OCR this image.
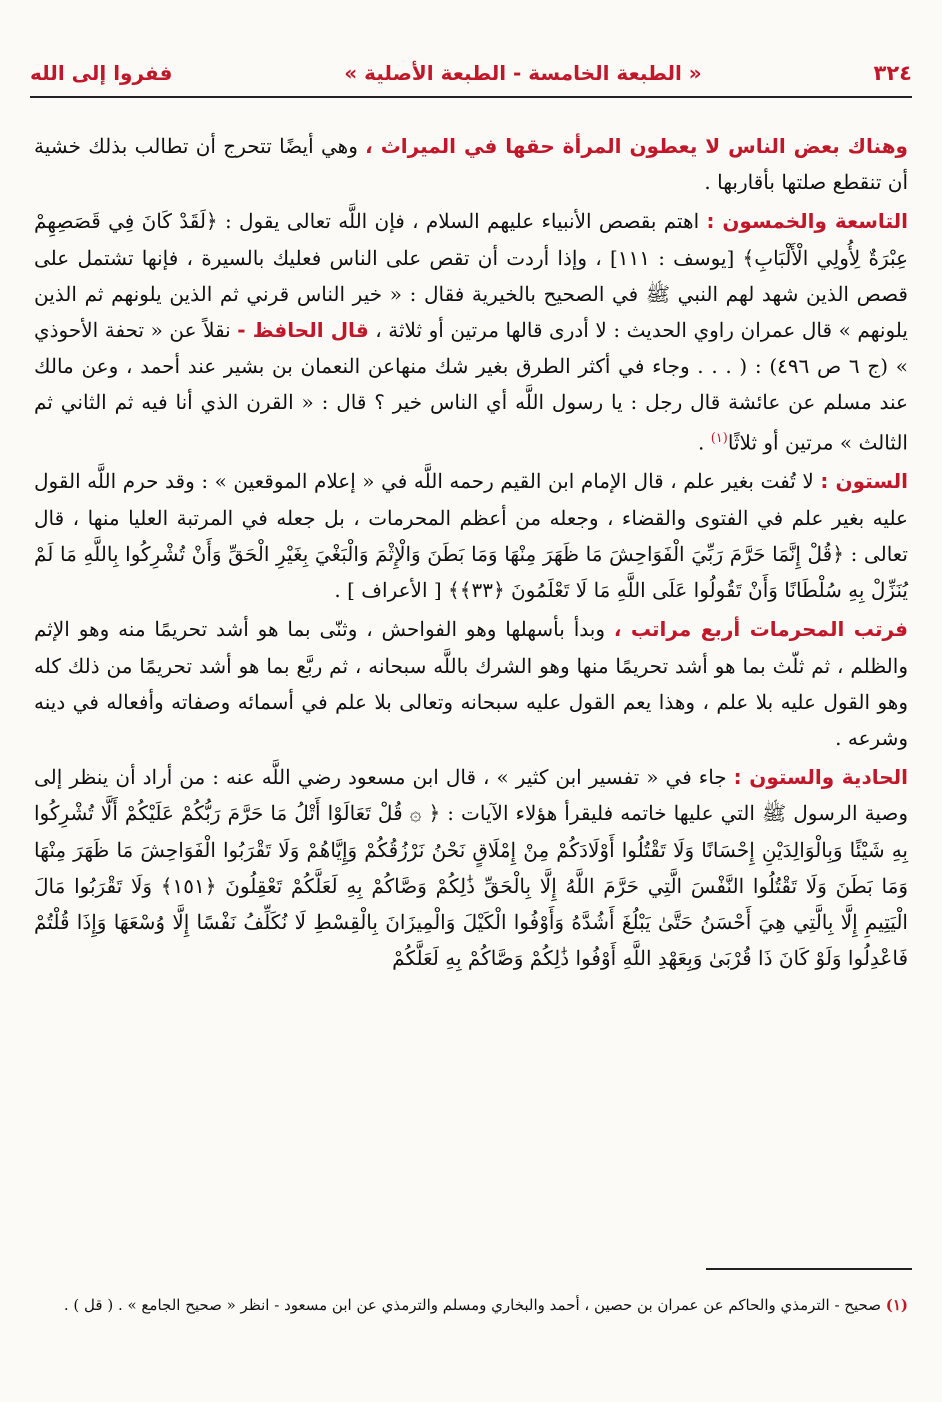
٣٢٤
« الطبعة الخامسة - الطبعة الأصلية »
ففروا إلى الله

وهناك بعض الناس لا يعطون المرأة حقها في الميراث ، وهي أيضًا تتحرج أن تطالب بذلك خشية أن تنقطع صلتها بأقاربها .

التاسعة والخمسون : اهتم بقصص الأنبياء عليهم السلام ، فإن اللَّه تعالى يقول : ﴿لَقَدْ كَانَ فِي قَصَصِهِمْ عِبْرَةٌ لِأُولِي الْأَلْبَابِ﴾ [يوسف : ١١١] ، وإذا أردت أن تقص على الناس فعليك بالسيرة ، فإنها تشتمل على قصص الذين شهد لهم النبي ﷺ في الصحيح بالخيرية فقال : « خير الناس قرني ثم الذين يلونهم ثم الذين يلونهم » قال عمران راوي الحديث : لا أدرى قالها مرتين أو ثلاثة ، قال الحافظ - نقلاً عن « تحفة الأحوذي » (ج ٦ ص ٤٩٦) : ( . . . وجاء في أكثر الطرق بغير شك منهاعن النعمان بن بشير عند أحمد ، وعن مالك عند مسلم عن عائشة قال رجل : يا رسول اللَّه أي الناس خير ؟ قال : « القرن الذي أنا فيه ثم الثاني ثم الثالث » مرتين أو ثلاثًا$^{(١)}$ .

الستون : لا تُفت بغير علم ، قال الإمام ابن القيم رحمه اللَّه في « إعلام الموقعين » : وقد حرم اللَّه القول عليه بغير علم في الفتوى والقضاء ، وجعله من أعظم المحرمات ، بل جعله في المرتبة العليا منها ، قال تعالى : ﴿قُلْ إِنَّمَا حَرَّمَ رَبِّيَ الْفَوَاحِشَ مَا ظَهَرَ مِنْهَا وَمَا بَطَنَ وَالْإِثْمَ وَالْبَغْيَ بِغَيْرِ الْحَقِّ وَأَنْ تُشْرِكُوا بِاللَّهِ مَا لَمْ يُنَزِّلْ بِهِ سُلْطَانًا وَأَنْ تَقُولُوا عَلَى اللَّهِ مَا لَا تَعْلَمُونَ ﴿٣٣﴾﴾ [ الأعراف ] .

فرتب المحرمات أربع مراتب ، وبدأ بأسهلها وهو الفواحش ، وثنّى بما هو أشد تحريمًا منه وهو الإثم والظلم ، ثم ثلّث بما هو أشد تحريمًا منها وهو الشرك باللَّه سبحانه ، ثم ربَّع بما هو أشد تحريمًا من ذلك كله وهو القول عليه بلا علم ، وهذا يعم القول عليه سبحانه وتعالى بلا علم في أسمائه وصفاته وأفعاله في دينه وشرعه .

الحادية والستون : جاء في « تفسير ابن كثير » ، قال ابن مسعود رضي اللَّه عنه : من أراد أن ينظر إلى وصية الرسول ﷺ التي عليها خاتمه فليقرأ هؤلاء الآيات : ﴿ ۞ قُلْ تَعَالَوْا أَتْلُ مَا حَرَّمَ رَبُّكُمْ عَلَيْكُمْ أَلَّا تُشْرِكُوا بِهِ شَيْئًا وَبِالْوَالِدَيْنِ إِحْسَانًا وَلَا تَقْتُلُوا أَوْلَادَكُمْ مِنْ إِمْلَاقٍ نَحْنُ نَرْزُقُكُمْ وَإِيَّاهُمْ وَلَا تَقْرَبُوا الْفَوَاحِشَ مَا ظَهَرَ مِنْهَا وَمَا بَطَنَ وَلَا تَقْتُلُوا النَّفْسَ الَّتِي حَرَّمَ اللَّهُ إِلَّا بِالْحَقِّ ذَٰلِكُمْ وَصَّاكُمْ بِهِ لَعَلَّكُمْ تَعْقِلُونَ ﴿١٥١﴾ وَلَا تَقْرَبُوا مَالَ الْيَتِيمِ إِلَّا بِالَّتِي هِيَ أَحْسَنُ حَتَّىٰ يَبْلُغَ أَشُدَّهُ وَأَوْفُوا الْكَيْلَ وَالْمِيزَانَ بِالْقِسْطِ لَا نُكَلِّفُ نَفْسًا إِلَّا وُسْعَهَا وَإِذَا قُلْتُمْ فَاعْدِلُوا وَلَوْ كَانَ ذَا قُرْبَىٰ وَبِعَهْدِ اللَّهِ أَوْفُوا ذَٰلِكُمْ وَصَّاكُمْ بِهِ لَعَلَّكُمْ

(١) صحيح - الترمذي والحاكم عن عمران بن حصين ، أحمد والبخاري ومسلم والترمذي عن ابن مسعود - انظر « صحيح الجامع » . ( قل ) .
